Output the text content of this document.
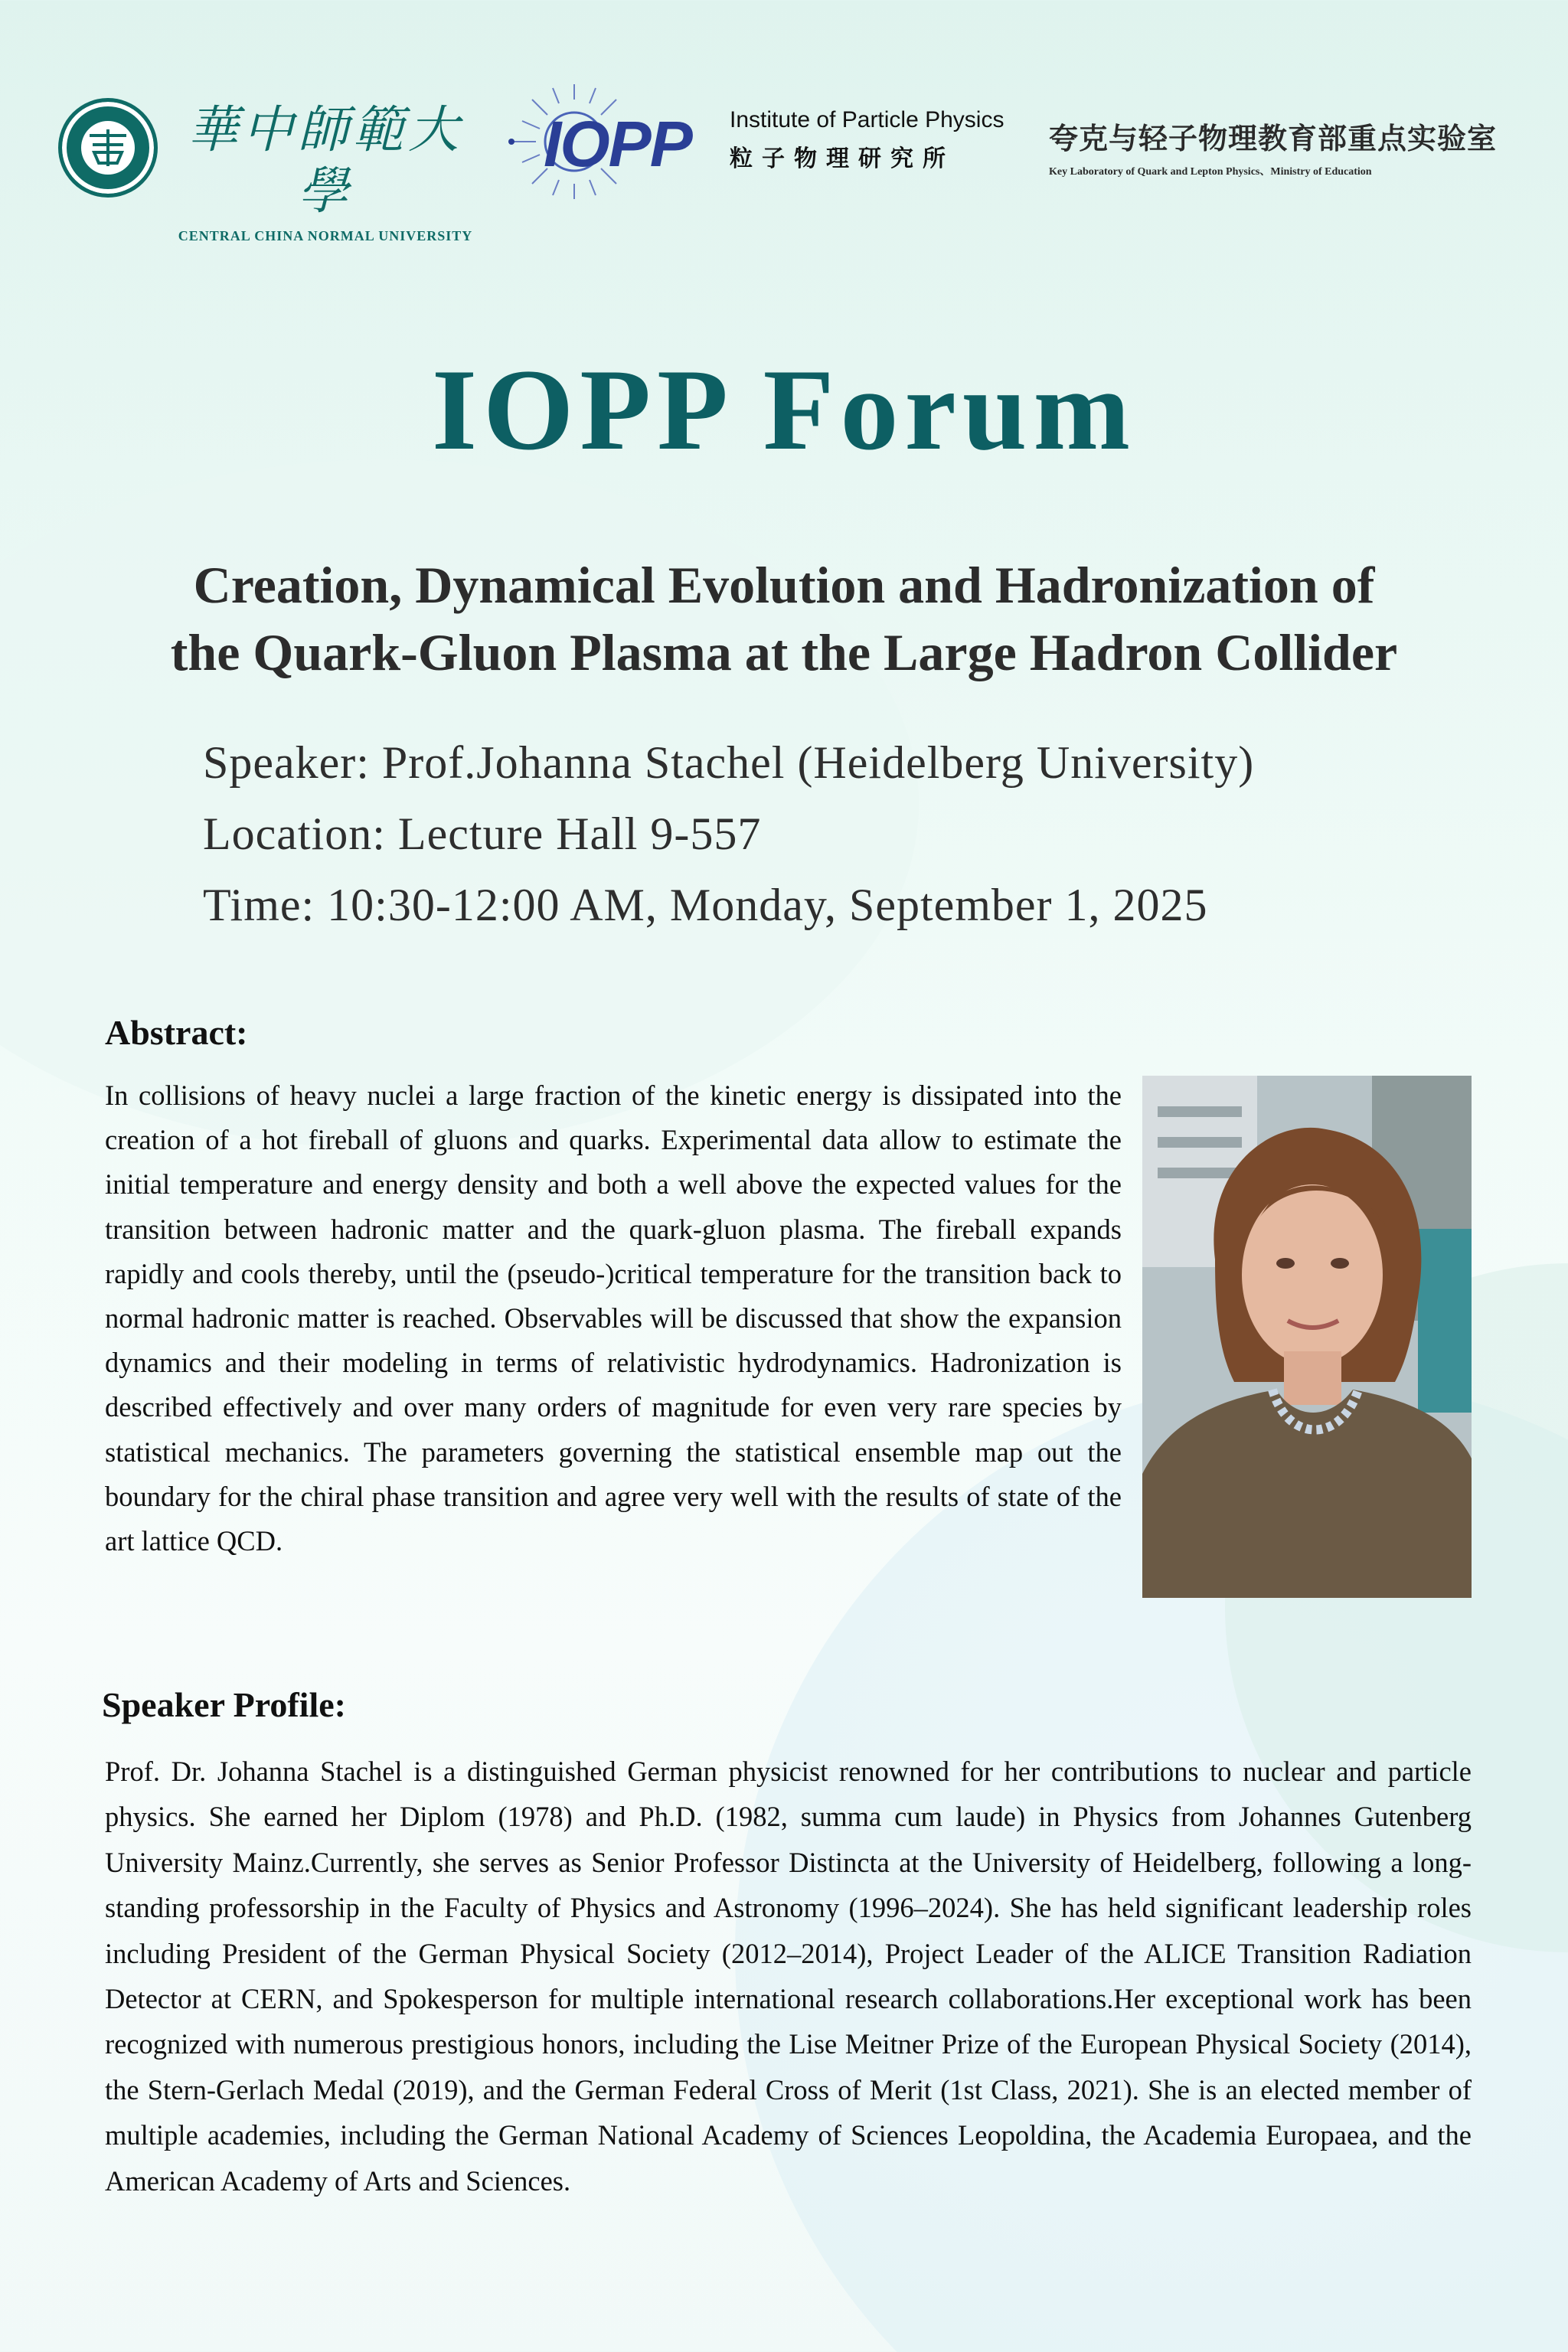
華中師範大學
CENTRAL CHINA NORMAL UNIVERSITY
IOPP Institute of Particle Physics
粒子物理研究所
夸克与轻子物理教育部重点实验室
Key Laboratory of Quark and Lepton Physics、Ministry of Education
IOPP Forum
Creation, Dynamical Evolution and Hadronization of
the Quark-Gluon Plasma at the Large Hadron Collider
Speaker: Prof.Johanna Stachel (Heidelberg University)
Location: Lecture Hall 9-557
Time: 10:30-12:00 AM, Monday, September 1, 2025
Abstract:
In collisions of heavy nuclei a large fraction of the kinetic energy is dissipated into the creation of a hot fireball of gluons and quarks. Experimental data allow to estimate the initial temperature and energy density and both a well above the expected values for the transition between hadronic matter and the quark-gluon plasma. The fireball expands rapidly and cools thereby, until the (pseudo-)critical temperature for the transition back to normal hadronic matter is reached. Observables will be discussed that show the expansion dynamics and their modeling in terms of relativistic hydrodynamics. Hadronization is described effectively and over many orders of magnitude for even very rare species by statistical mechanics. The parameters governing the statistical ensemble map out the boundary for the chiral phase transition and agree very well with the results of state of the art lattice QCD.
Speaker Profile:
Prof. Dr. Johanna Stachel is a distinguished German physicist renowned for her contributions to nuclear and particle physics. She earned her Diplom (1978) and Ph.D. (1982, summa cum laude) in Physics from Johannes Gutenberg University Mainz.Currently, she serves as Senior Professor Distincta at the University of Heidelberg, following a long-standing professorship in the Faculty of Physics and Astronomy (1996–2024). She has held significant leadership roles including President of the German Physical Society (2012–2014), Project Leader of the ALICE Transition Radiation Detector at CERN, and Spokesperson for multiple international research collaborations.Her exceptional work has been recognized with numerous prestigious honors, including the Lise Meitner Prize of the European Physical Society (2014), the Stern-Gerlach Medal (2019), and the German Federal Cross of Merit (1st Class, 2021). She is an elected member of multiple academies, including the German National Academy of Sciences Leopoldina, the Academia Europaea, and the American Academy of Arts and Sciences.
